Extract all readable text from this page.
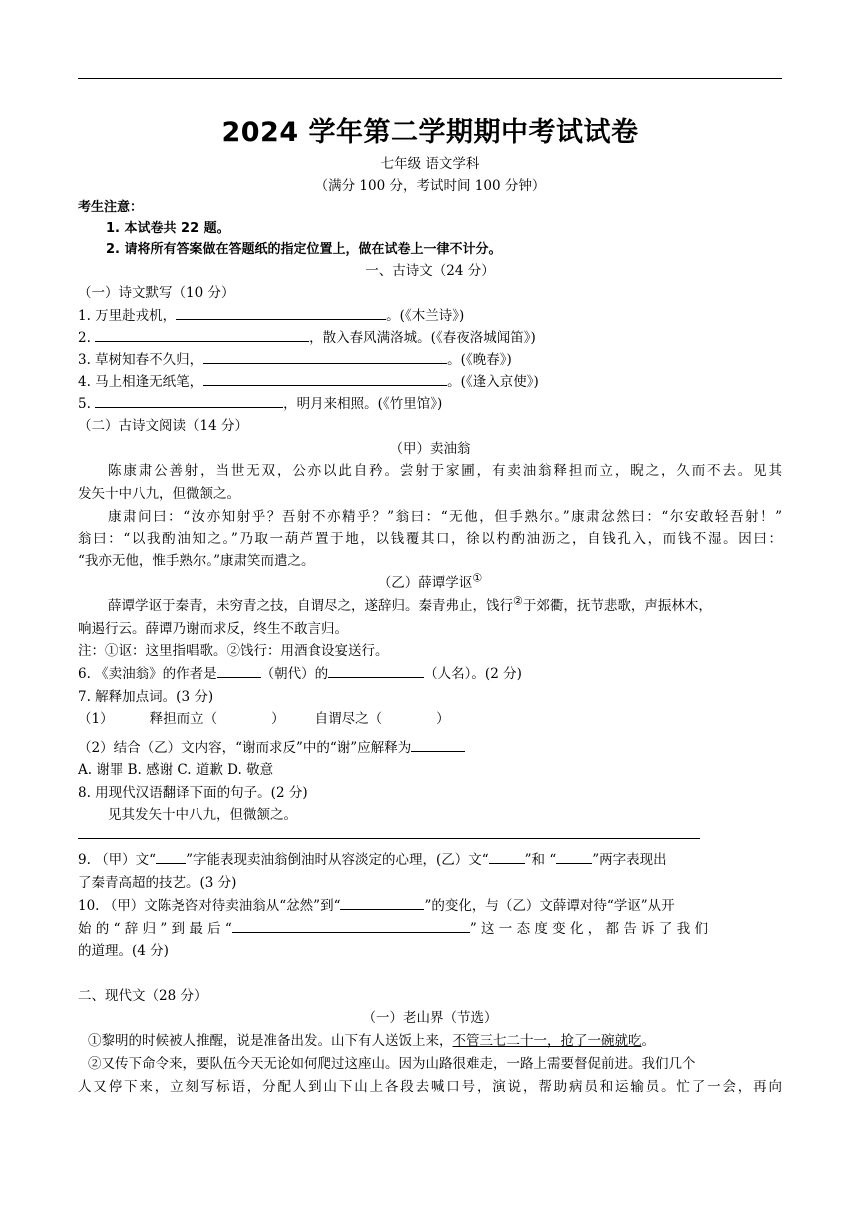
2024 学年第二学期期中考试试卷
七年级 语文学科
（满分 100 分，考试时间 100 分钟）
考生注意：
1. 本试卷共 22 题。
2. 请将所有答案做在答题纸的指定位置上，做在试卷上一律不计分。
一、古诗文（24 分）
（一）诗文默写（10 分）
1. 万里赴戎机，	。(《木兰诗》)
2.	，散入春风满洛城。(《春夜洛城闻笛》)
3. 草树知春不久归，	。(《晚春》)
4. 马上相逢无纸笔，	。(《逢入京使》)
5.	，明月来相照。(《竹里馆》)
（二）古诗文阅读（14 分）
（甲）卖油翁
陈康肃公善射，当世无双，公亦以此自矜。尝射于家圃，有卖油翁释担而立，睨之，久而不去。见其
发矢十中八九，但微颔之。
康肃问曰：“汝亦知射乎？吾射不亦精乎？”翁曰：“无他，但手熟尔。”康肃忿然曰：“尔安敢轻吾射！”
翁曰：“以我酌油知之。”乃取一葫芦置于地，以钱覆其口，徐以杓酌油沥之，自钱孔入，而钱不湿。因曰：
“我亦无他，惟手熟尔。”康肃笑而遣之。
（乙）薛谭学讴①
薛谭学讴于秦青，未穷青之技，自谓尽之，遂辞归。秦青弗止，饯行②于郊衢，抚节悲歌，声振林木，
响遏行云。薛谭乃谢而求反，终生不敢言归。
注：①讴：这里指唱歌。②饯行：用酒食设宴送行。
6. 《卖油翁》的作者是	（朝代）的	（人名）。(2 分)
7. 解释加点词。(3 分)
（1）	释担而立（	） 自谓尽之（	）
（2）结合（乙）文内容，“谢而求反”中的“谢”应解释为
A. 谢罪 B. 感谢 C. 道歉 D. 敬意
8. 用现代汉语翻译下面的句子。(2 分)
见其发矢十中八九，但微颔之。
9. （甲）文“ ”字能表现卖油翁倒油时从容淡定的心理，(乙）文“	”和 “	”两字表现出
了秦青高超的技艺。(3 分)
10. （甲）文陈尧咨对待卖油翁从“忿然”到“	”的变化，与（乙）文薛谭对待“学讴”从开
始 的 “ 辞 归 ” 到 最 后 “	” 这 一 态 度 变 化 ， 都 告 诉 了 我 们
的道理。(4 分)
二、现代文（28 分）
（一）老山界（节选）
①黎明的时候被人推醒，说是准备出发。山下有人送饭上来，不管三七二十一，抢了一碗就吃。
②又传下命令来，要队伍今天无论如何爬过这座山。因为山路很难走，一路上需要督促前进。我们几个
人又停下来，立刻写标语，分配人到山下山上各段去喊口号，演说，帮助病员和运输员。忙了一会，再向
